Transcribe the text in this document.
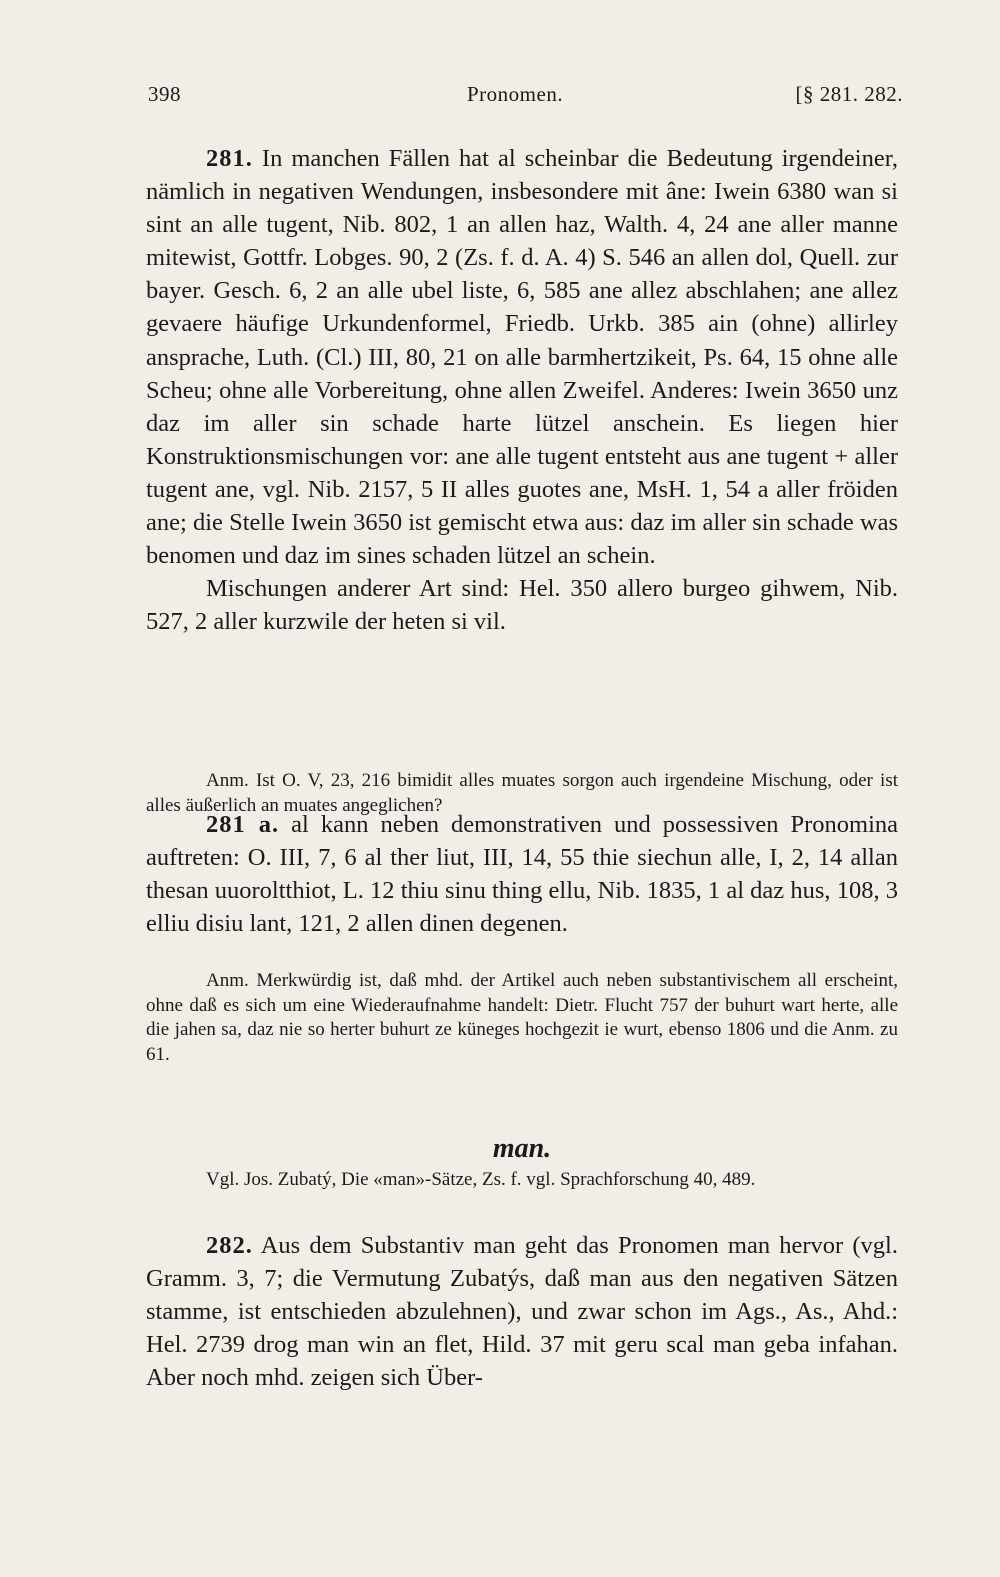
398	Pronomen.	[§ 281. 282.

281. In manchen Fällen hat al scheinbar die Bedeutung irgendeiner, nämlich in negativen Wendungen, insbesondere mit âne: Iwein 6380 wan si sint an alle tugent, Nib. 802, 1 an allen haz, Walth. 4, 24 ane aller manne mitewist, Gottfr. Lobges. 90, 2 (Zs. f. d. A. 4) S. 546 an allen dol, Quell. zur bayer. Gesch. 6, 2 an alle ubel liste, 6, 585 ane allez abschlahen; ane allez gevaere häufige Urkundenformel, Friedb. Urkb. 385 ain (ohne) allirley ansprache, Luth. (Cl.) III, 80, 21 on alle barmhertzikeit, Ps. 64, 15 ohne alle Scheu; ohne alle Vorbereitung, ohne allen Zweifel. Anderes: Iwein 3650 unz daz im aller sin schade harte lützel anschein. Es liegen hier Konstruktionsmischungen vor: ane alle tugent entsteht aus ane tugent + aller tugent ane, vgl. Nib. 2157, 5 II alles guotes ane, MsH. 1, 54 a aller fröiden ane; die Stelle Iwein 3650 ist gemischt etwa aus: daz im aller sin schade was benomen und daz im sines schaden lützel an schein.

Mischungen anderer Art sind: Hel. 350 allero burgeo gihwem, Nib. 527, 2 aller kurzwile der heten si vil.

Anm. Ist O. V, 23, 216 bimidit alles muates sorgon auch irgendeine Mischung, oder ist alles äußerlich an muates angeglichen?

281 a. al kann neben demonstrativen und possessiven Pronomina auftreten: O. III, 7, 6 al ther liut, III, 14, 55 thie siechun alle, I, 2, 14 allan thesan uuoroltthiot, L. 12 thiu sinu thing ellu, Nib. 1835, 1 al daz hus, 108, 3 elliu disiu lant, 121, 2 allen dinen degenen.

Anm. Merkwürdig ist, daß mhd. der Artikel auch neben substantivischem all erscheint, ohne daß es sich um eine Wiederaufnahme handelt: Dietr. Flucht 757 der buhurt wart herte, alle die jahen sa, daz nie so herter buhurt ze küneges hochgezit ie wurt, ebenso 1806 und die Anm. zu 61.

man.

Vgl. Jos. Zubatý, Die «man»-Sätze, Zs. f. vgl. Sprachforschung 40, 489.

282. Aus dem Substantiv man geht das Pronomen man hervor (vgl. Gramm. 3, 7; die Vermutung Zubatýs, daß man aus den negativen Sätzen stamme, ist entschieden abzulehnen), und zwar schon im Ags., As., Ahd.: Hel. 2739 drog man win an flet, Hild. 37 mit geru scal man geba infahan. Aber noch mhd. zeigen sich Über-
